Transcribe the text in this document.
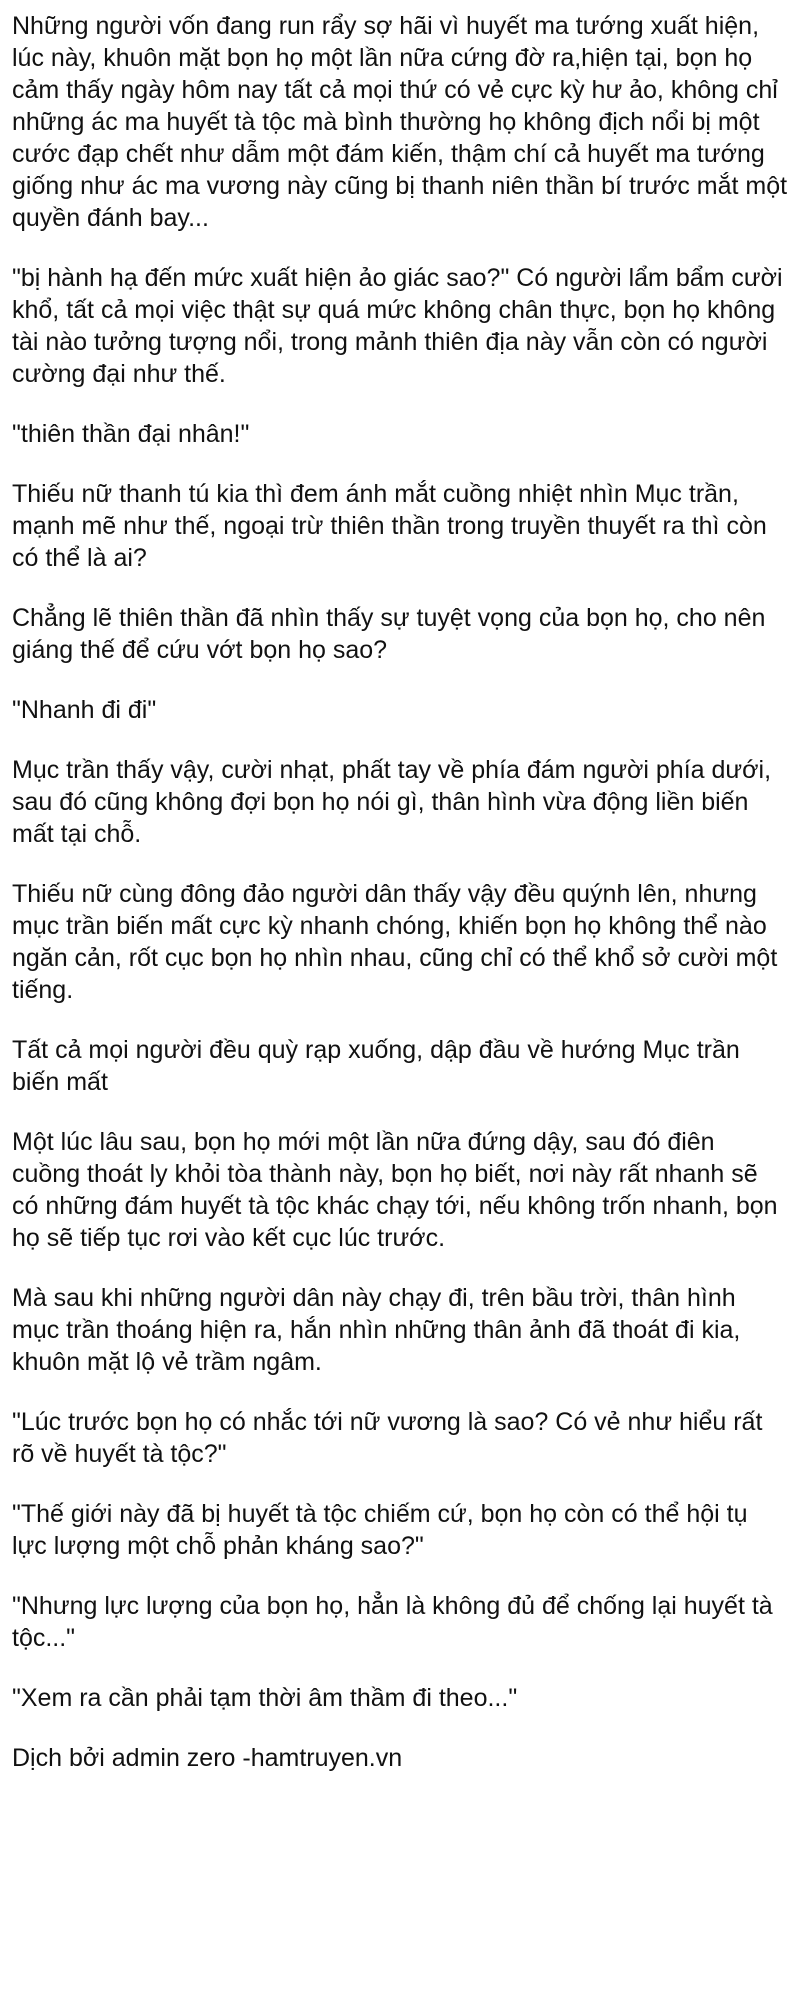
Những người vốn đang run rẩy sợ hãi vì huyết ma tướng xuất hiện, lúc này, khuôn mặt bọn họ một lần nữa cứng đờ ra,hiện tại, bọn họ cảm thấy ngày hôm nay tất cả mọi thứ có vẻ cực kỳ hư ảo, không chỉ những ác ma huyết tà tộc mà bình thường họ không địch nổi bị một cước đạp chết như dẫm một đám kiến, thậm chí cả huyết ma tướng giống như ác ma vương này cũng bị thanh niên thần bí trước mắt một quyền đánh bay...

"bị hành hạ đến mức xuất hiện ảo giác sao?" Có người lẩm bẩm cười khổ, tất cả mọi việc thật sự quá mức không chân thực, bọn họ không tài nào tưởng tượng nổi, trong mảnh thiên địa này vẫn còn có người cường đại như thế.

"thiên thần đại nhân!"

Thiếu nữ thanh tú kia thì đem ánh mắt cuồng nhiệt nhìn Mục trần, mạnh mẽ như thế, ngoại trừ thiên thần trong truyền thuyết ra thì còn có thể là ai?

Chẳng lẽ thiên thần đã nhìn thấy sự tuyệt vọng của bọn họ, cho nên giáng thế để cứu vớt bọn họ sao?

"Nhanh đi đi"

Mục trần thấy vậy, cười nhạt, phất tay về phía đám người phía dưới, sau đó cũng không đợi bọn họ nói gì, thân hình vừa động liền biến mất tại chỗ.

Thiếu nữ cùng đông đảo người dân thấy vậy đều quýnh lên, nhưng mục trần biến mất cực kỳ nhanh chóng, khiến bọn họ không thể nào ngăn cản, rốt cục bọn họ nhìn nhau, cũng chỉ có thể khổ sở cười một tiếng.

Tất cả mọi người đều quỳ rạp xuống, dập đầu về hướng Mục trần biến mất

Một lúc lâu sau, bọn họ mới một lần nữa đứng dậy, sau đó điên cuồng thoát ly khỏi tòa thành này, bọn họ biết, nơi này rất nhanh sẽ có những đám huyết tà tộc khác chạy tới, nếu không trốn nhanh, bọn họ sẽ tiếp tục rơi vào kết cục lúc trước.

Mà sau khi những người dân này chạy đi, trên bầu trời, thân hình mục trần thoáng hiện ra, hắn nhìn những thân ảnh đã thoát đi kia, khuôn mặt lộ vẻ trầm ngâm.

"Lúc trước bọn họ có nhắc tới nữ vương là sao? Có vẻ như hiểu rất rõ về huyết tà tộc?"

"Thế giới này đã bị huyết tà tộc chiếm cứ, bọn họ còn có thể hội tụ lực lượng một chỗ phản kháng sao?"

"Nhưng lực lượng của bọn họ, hẳn là không đủ để chống lại huyết tà tộc..."

"Xem ra cần phải tạm thời âm thầm đi theo..."

Dịch bởi admin zero -hamtruyen.vn
